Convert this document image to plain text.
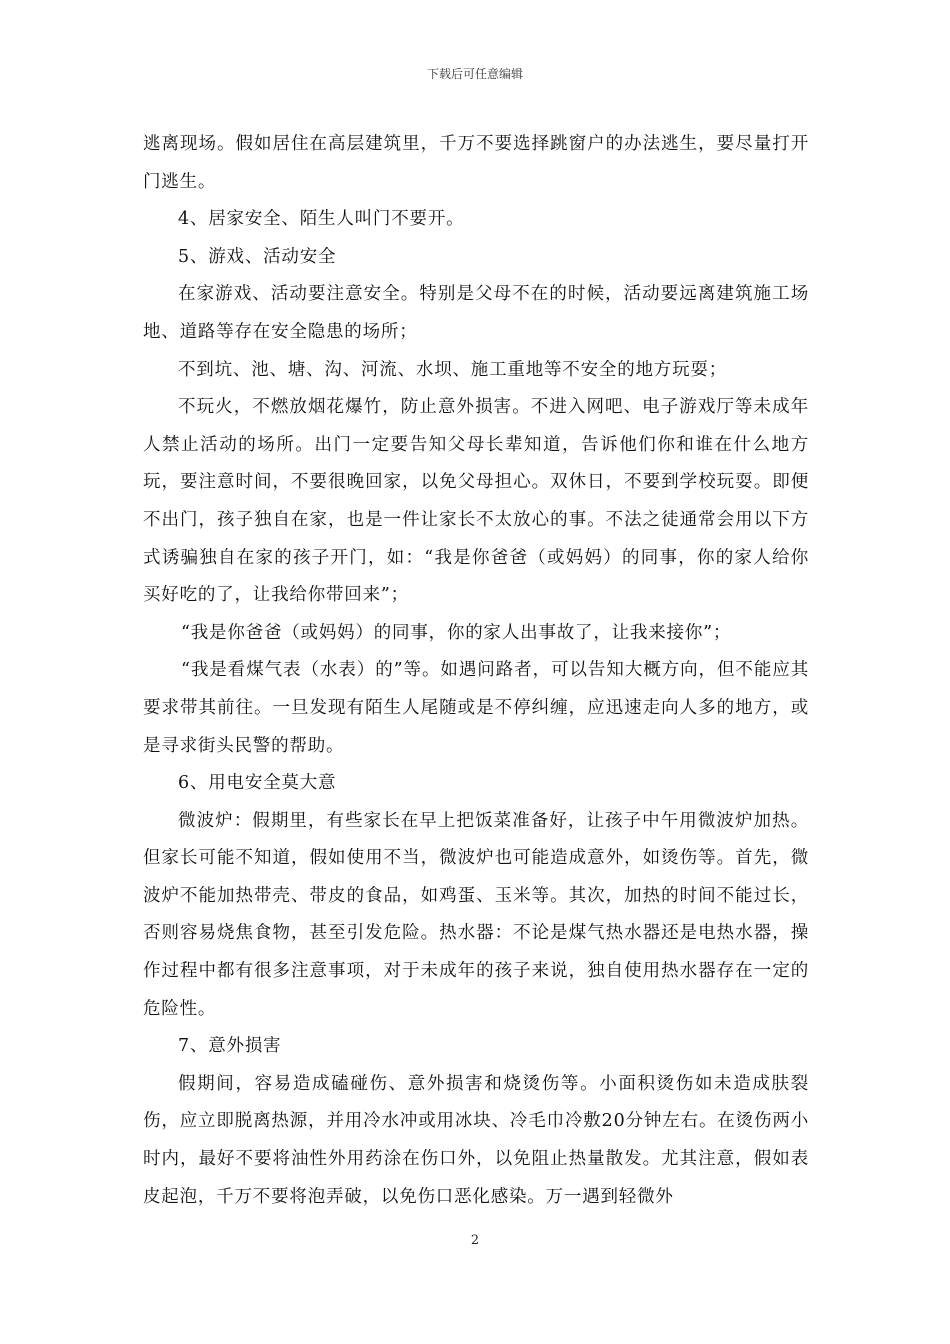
下载后可任意编辑

逃离现场。假如居住在高层建筑里，千万不要选择跳窗户的办法逃生，要尽量打开门逃生。

4、居家安全、陌生人叫门不要开。

5、游戏、活动安全

在家游戏、活动要注意安全。特别是父母不在的时候，活动要远离建筑施工场地、道路等存在安全隐患的场所；

不到坑、池、塘、沟、河流、水坝、施工重地等不安全的地方玩耍；

不玩火，不燃放烟花爆竹，防止意外损害。不进入网吧、电子游戏厅等未成年人禁止活动的场所。出门一定要告知父母长辈知道，告诉他们你和谁在什么地方玩，要注意时间，不要很晚回家，以免父母担心。双休日，不要到学校玩耍。即便不出门，孩子独自在家，也是一件让家长不太放心的事。不法之徒通常会用以下方式诱骗独自在家的孩子开门，如：“我是你爸爸（或妈妈）的同事，你的家人给你买好吃的了，让我给你带回来”；

“我是你爸爸（或妈妈）的同事，你的家人出事故了，让我来接你”；

“我是看煤气表（水表）的”等。如遇问路者，可以告知大概方向，但不能应其要求带其前往。一旦发现有陌生人尾随或是不停纠缠，应迅速走向人多的地方，或是寻求街头民警的帮助。

6、用电安全莫大意

微波炉：假期里，有些家长在早上把饭菜准备好，让孩子中午用微波炉加热。但家长可能不知道，假如使用不当，微波炉也可能造成意外，如烫伤等。首先，微波炉不能加热带壳、带皮的食品，如鸡蛋、玉米等。其次，加热的时间不能过长，否则容易烧焦食物，甚至引发危险。热水器：不论是煤气热水器还是电热水器，操作过程中都有很多注意事项，对于未成年的孩子来说，独自使用热水器存在一定的危险性。

7、意外损害

假期间，容易造成磕碰伤、意外损害和烧烫伤等。小面积烫伤如未造成肤裂伤，应立即脱离热源，并用冷水冲或用冰块、冷毛巾冷敷20分钟左右。在烫伤两小时内，最好不要将油性外用药涂在伤口外，以免阻止热量散发。尤其注意，假如表皮起泡，千万不要将泡弄破，以免伤口恶化感染。万一遇到轻微外

2
